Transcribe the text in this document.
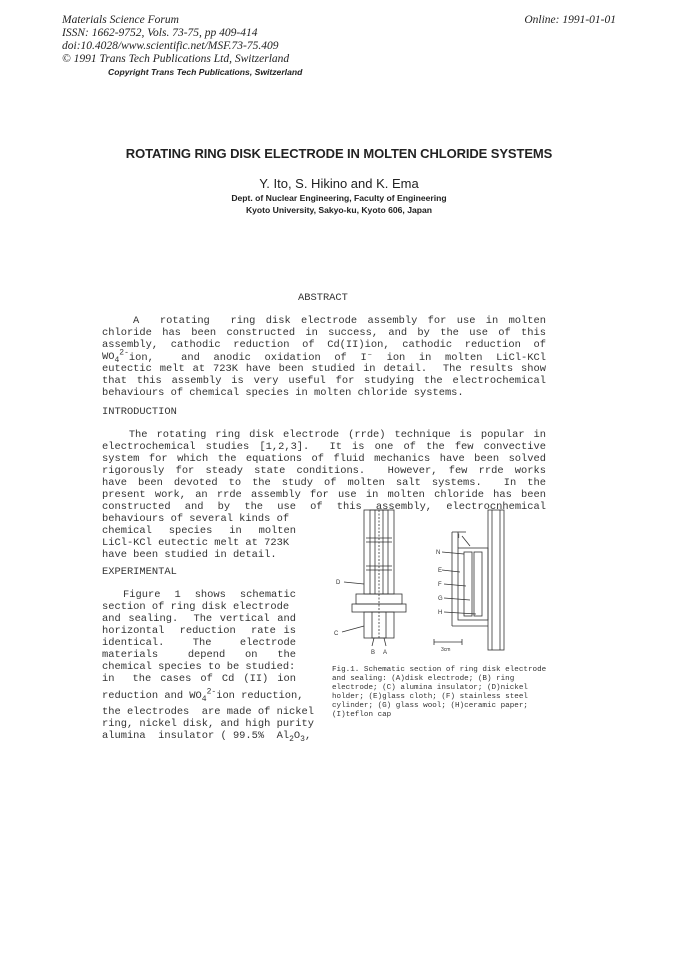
Materials Science Forum
ISSN: 1662-9752, Vols. 73-75, pp 409-414
doi:10.4028/www.scientific.net/MSF.73-75.409
© 1991 Trans Tech Publications Ltd, Switzerland
Online: 1991-01-01
Copyright Trans Tech Publications, Switzerland
ROTATING RING DISK ELECTRODE IN MOLTEN CHLORIDE SYSTEMS
Y. Ito, S. Hikino and K. Ema
Dept. of Nuclear Engineering, Faculty of Engineering
Kyoto University, Sakyo-ku, Kyoto 606, Japan
ABSTRACT
A  rotating  ring disk electrode assembly for use in molten
chloride has been constructed in success, and by the use of this
assembly, cathodic reduction of Cd(II)ion, cathodic reduction of
$WO_4^{2-}$ ion,  and anodic oxidation of I⁻ ion in molten LiCl-KCl
eutectic melt at 723K have been studied in detail.  The results show
that this assembly is very useful for studying the electrochemical
behaviours of chemical species in molten chloride systems.
INTRODUCTION
The rotating ring disk electrode (rrde) technique is popular in
electrochemical studies [1,2,3].  It is one of the few convective
system for which the equations of fluid mechanics have been solved
rigorously for steady state conditions.  However, few rrde works
have been devoted to the study of molten salt systems.  In the
present work, an rrde assembly for use in molten chloride has been
constructed and by the use of this assembly, electrocnhemical
behaviours of several kinds of
chemical  species  in  molten
LiCl-KCl eutectic melt at 723K
have been studied in detail.
EXPERIMENTAL
Figure  1  shows  schematic
section of ring disk electrode
and sealing.  The vertical and
horizontal  reduction  rate is
identical.   The   electrode
materials   depend  on  the
chemical species to be studied:
in  the cases of Cd (II) ion
reduction and $WO_4^{2-}ion$ reduction,
the electrodes  are made of nickel
ring, nickel disk, and high purity
alumina  insulator ( 99.5%  $Al_2O_3$,
D
C
B A
I
N
E
F
G
H
3cm
Fig.1. Schematic section of ring disk electrode and sealing: (A)disk electrode; (B) ring electrode; (C) alumina insulator; (D)nickel holder; (E)glass cloth; (F) stainless steel cylinder; (G) glass wool; (H)ceramic paper; (I)teflon cap
